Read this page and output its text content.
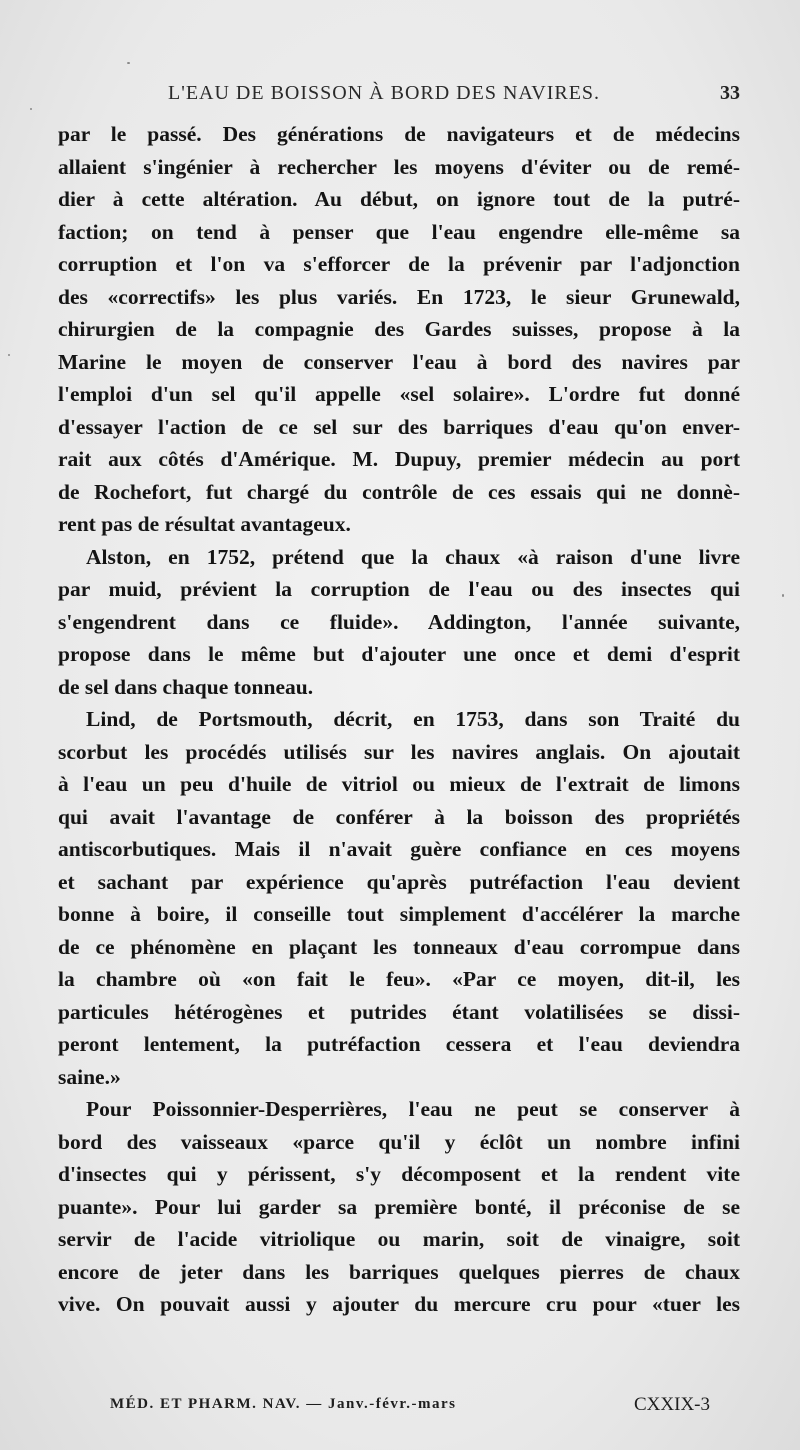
L'EAU DE BOISSON À BORD DES NAVIRES.	33
par le passé. Des générations de navigateurs et de médecins
allaient s'ingénier à rechercher les moyens d'éviter ou de remé-
dier à cette altération. Au début, on ignore tout de la putré-
faction; on tend à penser que l'eau engendre elle-même sa
corruption et l'on va s'efforcer de la prévenir par l'adjonction
des «correctifs» les plus variés. En 1723, le sieur Grunewald,
chirurgien de la compagnie des Gardes suisses, propose à la
Marine le moyen de conserver l'eau à bord des navires par
l'emploi d'un sel qu'il appelle «sel solaire». L'ordre fut donné
d'essayer l'action de ce sel sur des barriques d'eau qu'on enver-
rait aux côtés d'Amérique. M. Dupuy, premier médecin au port
de Rochefort, fut chargé du contrôle de ces essais qui ne donnè-
rent pas de résultat avantageux.
Alston, en 1752, prétend que la chaux «à raison d'une livre
par muid, prévient la corruption de l'eau ou des insectes qui
s'engendrent dans ce fluide». Addington, l'année suivante,
propose dans le même but d'ajouter une once et demi d'esprit
de sel dans chaque tonneau.
Lind, de Portsmouth, décrit, en 1753, dans son Traité du
scorbut les procédés utilisés sur les navires anglais. On ajoutait
à l'eau un peu d'huile de vitriol ou mieux de l'extrait de limons
qui avait l'avantage de conférer à la boisson des propriétés
antiscorbutiques. Mais il n'avait guère confiance en ces moyens
et sachant par expérience qu'après putréfaction l'eau devient
bonne à boire, il conseille tout simplement d'accélérer la marche
de ce phénomène en plaçant les tonneaux d'eau corrompue dans
la chambre où «on fait le feu». «Par ce moyen, dit-il, les
particules hétérogènes et putrides étant volatilisées se dissi-
peront lentement, la putréfaction cessera et l'eau deviendra
saine.»
Pour Poissonnier-Desperrières, l'eau ne peut se conserver à
bord des vaisseaux «parce qu'il y éclôt un nombre infini
d'insectes qui y périssent, s'y décomposent et la rendent vite
puante». Pour lui garder sa première bonté, il préconise de se
servir de l'acide vitriolique ou marin, soit de vinaigre, soit
encore de jeter dans les barriques quelques pierres de chaux
vive. On pouvait aussi y ajouter du mercure cru pour «tuer les
MÉD. ET PHARM. NAV. — Janv.-févr.-mars	CXXIX-3
